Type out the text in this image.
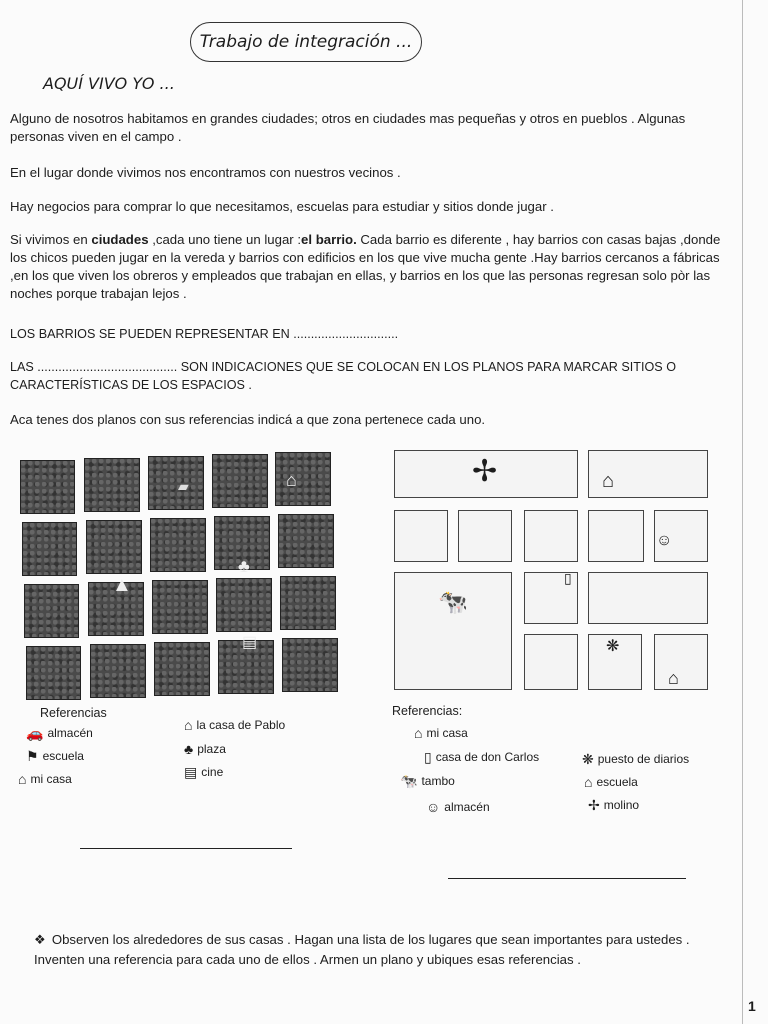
Trabajo de integración ...
AQUÍ VIVO YO ...
Alguno de nosotros habitamos en grandes ciudades; otros en ciudades mas pequeñas y otros en pueblos . Algunas personas viven en el campo .
En el lugar donde vivimos nos encontramos con nuestros vecinos .
Hay negocios para comprar lo que necesitamos, escuelas para estudiar y sitios donde jugar .
Si vivimos en ciudades ,cada uno tiene un lugar :el barrio. Cada barrio es diferente , hay barrios con casas bajas ,donde los chicos pueden jugar en la vereda y barrios con edificios en los que vive mucha gente .Hay barrios cercanos a fábricas ,en los que viven los obreros y empleados que trabajan en ellas, y barrios en los que las personas regresan solo pòr las noches porque trabajan lejos .
LOS BARRIOS SE PUEDEN REPRESENTAR EN ..............................
LAS ........................................ SON INDICACIONES QUE SE COLOCAN EN LOS PLANOS PARA MARCAR SITIOS O CARACTERÍSTICAS DE LOS ESPACIOS .
Aca tenes dos planos con sus referencias indicá a que zona pertenece cada uno.
⌂
▰
▲
♣
▤
Referencias
🚗 almacén
⚑ escuela
⌂ mi casa
⌂ la casa de Pablo
♣ plaza
▤ cine
✢	⌂
☺
🐄
▯
❋
⌂
Referencias:
⌂ mi casa
▯ casa de don Carlos
🐄 tambo
☺ almacén
❋ puesto de diarios
⌂ escuela
✢ molino
❖ Observen los alrededores de sus casas . Hagan una lista de los lugares que sean importantes para ustedes . Inventen una referencia para cada uno de ellos . Armen un plano y ubiques esas referencias .
1
